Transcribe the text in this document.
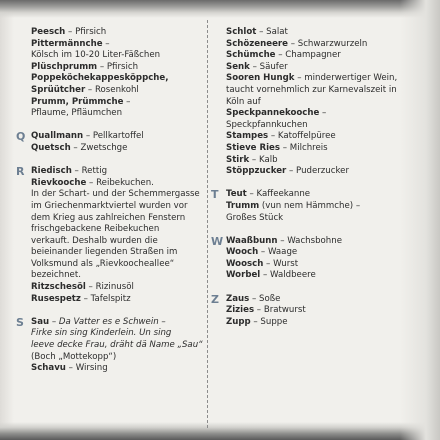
Peesch – Pfirsich
Pittermännche –
Kölsch im 10-20 Liter-Fäßchen
Plüschprumm – Pfirsich
Poppeköchekappesköppche,
Sprüütcher – Rosenkohl
Prumm, Prümmche –
Pflaume, Pfläumchen
Q Quallmann – Pellkartoffel
Quetsch – Zwetschge
R Riedisch – Rettig
Rievkooche – Reibekuchen.
In der Schart- und der Schemmergasse
im Griechenmarktviertel wurden vor
dem Krieg aus zahlreichen Fenstern
frischgebackene Reibekuchen
verkauft. Deshalb wurden die
beieinander liegenden Straßen im
Volksmund als „Rievkoocheallee“
bezeichnet.
Ritzschesöl – Rizinusöl
Rusespetz – Tafelspitz
S Sau – Da Vatter es e Schwein –
Firke sin sing Kinderlein. Un sing
leeve decke Frau, dräht dä Name „Sau“
(Boch „Mottekopp“)
Schavu – Wirsing
Schlot – Salat
Schözeneere – Schwarzwurzeln
Schümche – Champagner
Senk – Säufer
Sooren Hungk – minderwertiger Wein,
taucht vornehmlich zur Karnevalszeit in
Köln auf
Speckpannekooche –
Speckpfannkuchen
Stampes – Katoffelpüree
Stieve Ries – Milchreis
Stirk – Kalb
Stöppzucker – Puderzucker
T Teut – Kaffeekanne
Trumm (vun nem Hämmche) –
Großes Stück
W Waaßbunn – Wachsbohne
Wooch – Waage
Woosch – Wurst
Worbel – Waldbeere
Z Zaus – Soße
Zizies – Bratwurst
Zupp – Suppe
